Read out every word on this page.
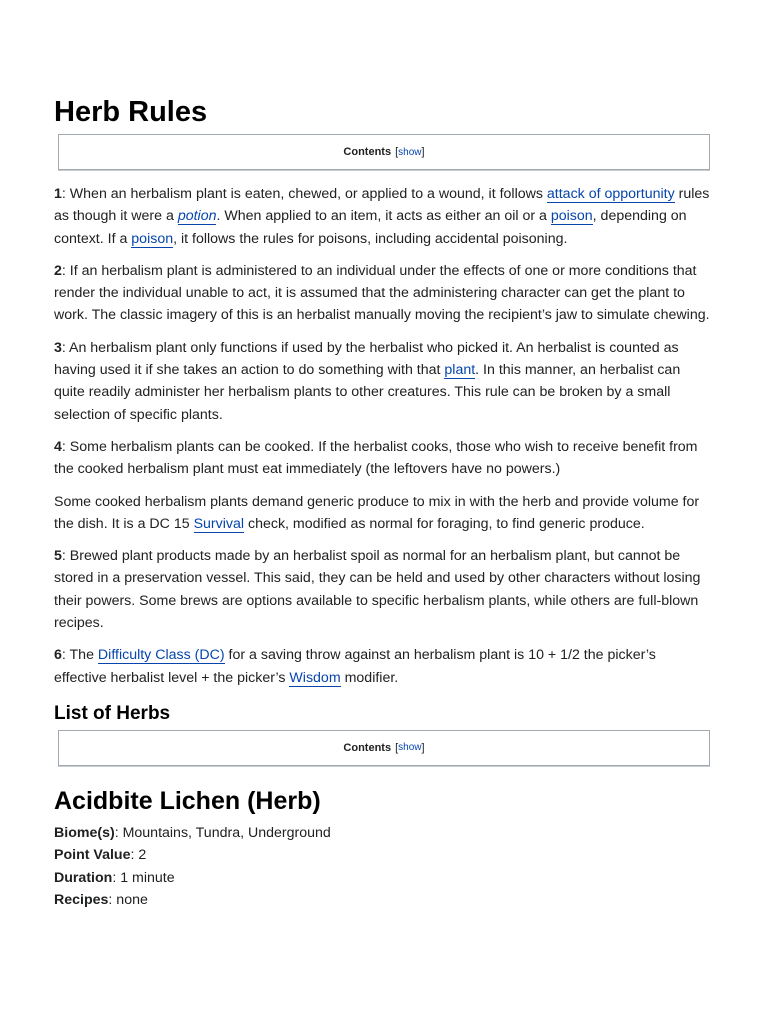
Herb Rules
Contents [ show ]

1: When an herbalism plant is eaten, chewed, or applied to a wound, it follows attack of opportunity rules as though it were a potion. When applied to an item, it acts as either an oil or a poison, depending on context. If a poison, it follows the rules for poisons, including accidental poisoning.

2: If an herbalism plant is administered to an individual under the effects of one or more conditions that render the individual unable to act, it is assumed that the administering character can get the plant to work. The classic imagery of this is an herbalist manually moving the recipient’s jaw to simulate chewing.

3: An herbalism plant only functions if used by the herbalist who picked it. An herbalist is counted as having used it if she takes an action to do something with that plant. In this manner, an herbalist can quite readily administer her herbalism plants to other creatures. This rule can be broken by a small selection of specific plants.

4: Some herbalism plants can be cooked. If the herbalist cooks, those who wish to receive benefit from the cooked herbalism plant must eat immediately (the leftovers have no powers.)

Some cooked herbalism plants demand generic produce to mix in with the herb and provide volume for the dish. It is a DC 15 Survival check, modified as normal for foraging, to find generic produce.

5: Brewed plant products made by an herbalist spoil as normal for an herbalism plant, but cannot be stored in a preservation vessel. This said, they can be held and used by other characters without losing their powers. Some brews are options available to specific herbalism plants, while others are full-blown recipes.

6: The Difficulty Class (DC) for a saving throw against an herbalism plant is 10 + 1/2 the picker’s effective herbalist level + the picker’s Wisdom modifier.

List of Herbs
Contents [ show ]
Acidbite Lichen (Herb)

Biome(s): Mountains, Tundra, Underground

Point Value: 2

Duration: 1 minute

Recipes: none
